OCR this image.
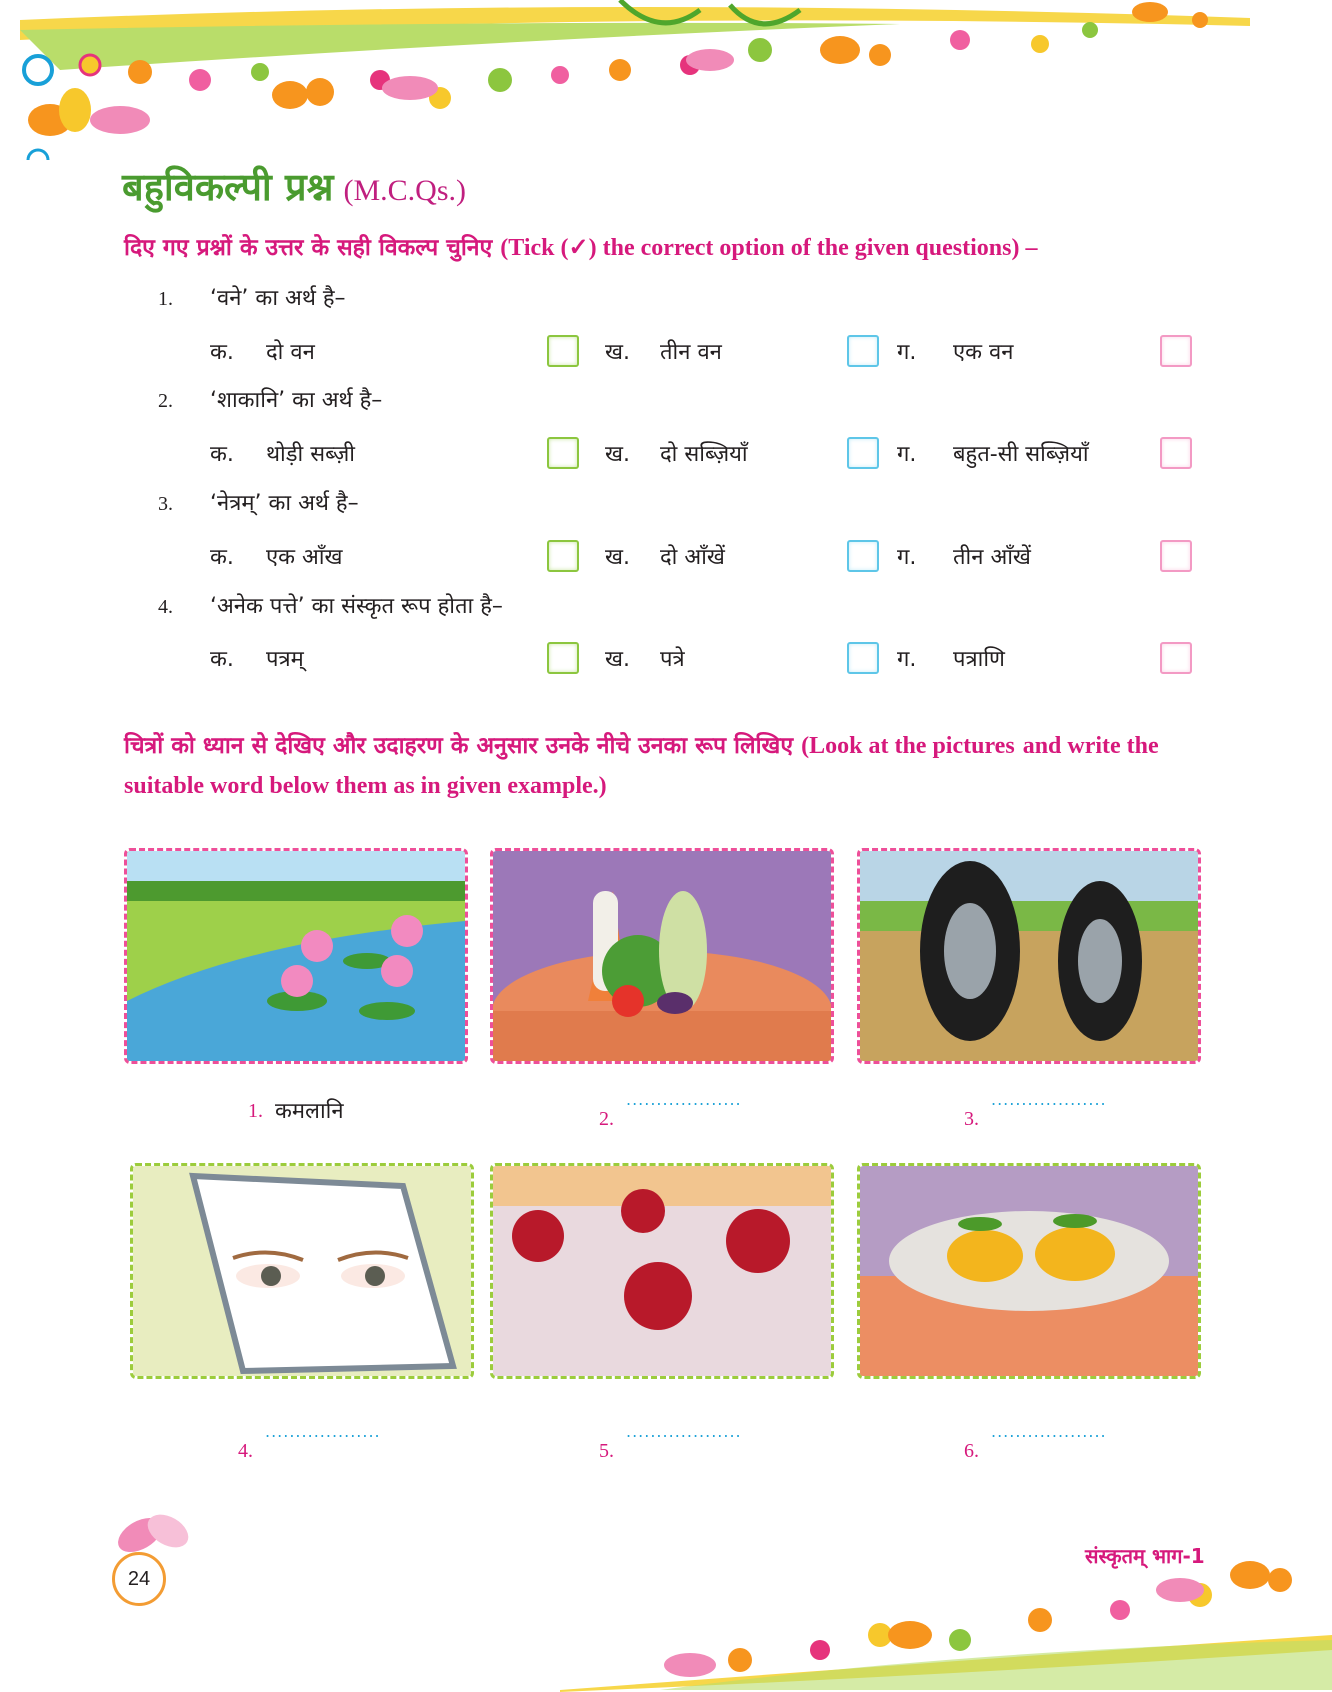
बहुविकल्पी प्रश्न (M.C.Qs.)
दिए गए प्रश्नों के उत्तर के सही विकल्प चुनिए (Tick (✓) the correct option of the given questions) –
1. ‘वने’ का अर्थ है–
क. दो वन	ख. तीन वन	ग. एक वन
2. ‘शाकानि’ का अर्थ है–
क. थोड़ी सब्ज़ी	ख. दो सब्ज़ियाँ	ग. बहुत-सी सब्ज़ियाँ
3. ‘नेत्रम्’ का अर्थ है–
क. एक आँख	ख. दो आँखें	ग. तीन आँखें
4. ‘अनेक पत्ते’ का संस्कृत रूप होता है–
क. पत्रम्	ख. पत्रे	ग. पत्राणि
चित्रों को ध्यान से देखिए और उदाहरण के अनुसार उनके नीचे उनका रूप लिखिए (Look at the pictures and write the suitable word below them as in given example.)
1. कमलानि	2.
...................
3.
...................
4.
...................
5.
...................
6.
...................
24
संस्कृतम् भाग-1
